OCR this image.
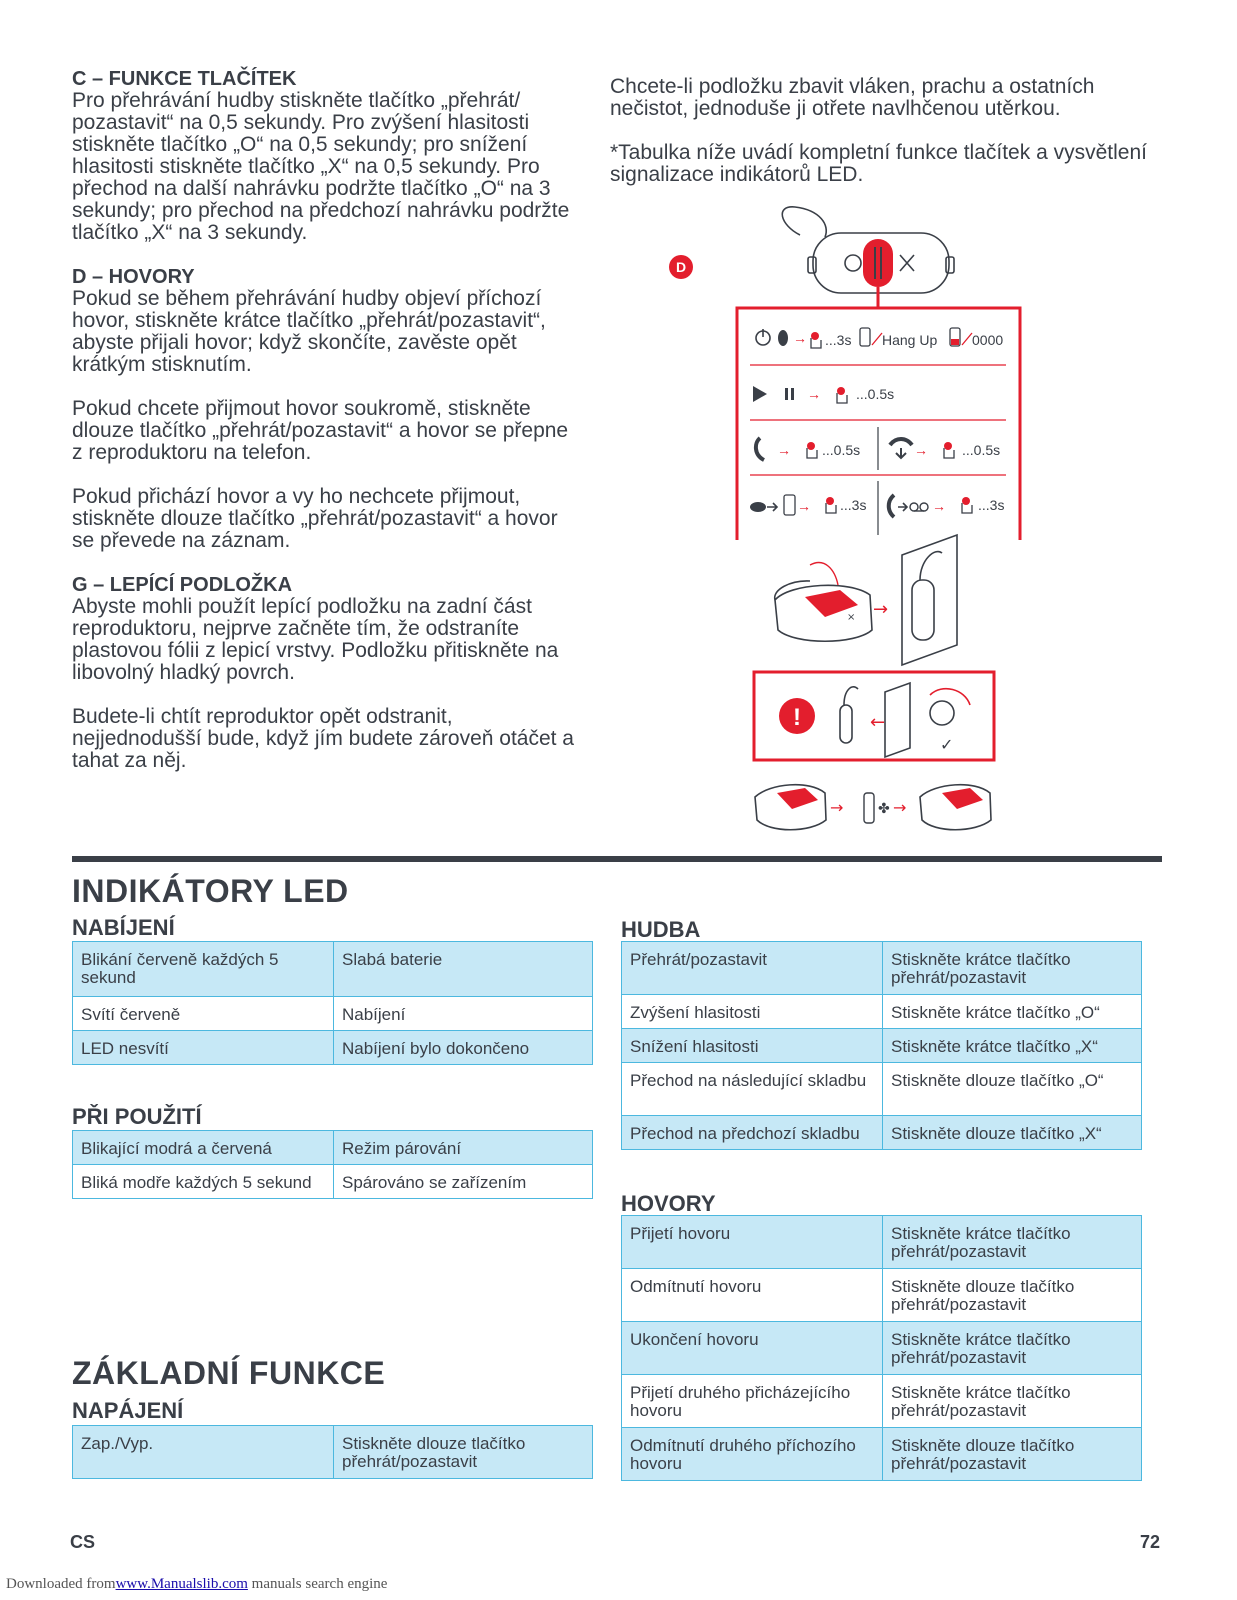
C – FUNKCE TLAČÍTEK
Pro přehrávání hudby stiskněte tlačítko „přehrát/ pozastavit“ na 0,5 sekundy. Pro zvýšení hlasitosti stiskněte tlačítko „O“ na 0,5 sekundy; pro snížení hlasitosti stiskněte tlačítko „X“ na 0,5 sekundy. Pro přechod na další nahrávku podržte tlačítko „O“ na 3 sekundy; pro přechod na předchozí nahrávku podržte tlačítko „X“ na 3 sekundy.
D – HOVORY
Pokud se během přehrávání hudby objeví příchozí hovor, stiskněte krátce tlačítko „přehrát/pozastavit“, abyste přijali hovor; když skončíte, zavěste opět krátkým stisknutím.
Pokud chcete přijmout hovor soukromě, stiskněte dlouze tlačítko „přehrát/pozastavit“ a hovor se přepne z reproduktoru na telefon.
Pokud přichází hovor a vy ho nechcete přijmout, stiskněte dlouze tlačítko „přehrát/pozastavit“ a hovor se převede na záznam.
G – LEPÍCÍ PODLOŽKA
Abyste mohli použít lepící podložku na zadní část reproduktoru, nejprve začněte tím, že odstraníte plastovou fólii z lepicí vrstvy. Podložku přitiskněte na libovolný hladký povrch.
Budete-li chtít reproduktor opět odstranit, nejjednodušší bude, když jím budete zároveň otáčet a tahat za něj.
Chcete-li podložku zbavit vláken, prachu a ostatních nečistot, jednoduše ji otřete navlhčenou utěrkou.
*Tabulka níže uvádí kompletní funkce tlačítek a vysvětlení signalizace indikátorů LED.
D
→ ...3s Hang Up 0000
→	...0.5s
→ ...0.5s	→ ...0.5s
→ ...3s	→ ...3s
× →
!	←
✓
→ ✤ →
INDIKÁTORY LED
NABÍJENÍ
Blikání červeně každých 5 sekund	Slabá baterie
Svítí červeně	Nabíjení
LED nesvítí	Nabíjení bylo dokončeno
PŘI POUŽITÍ
Blikající modrá a červená	Režim párování
Bliká modře každých 5 sekund	Spárováno se zařízením
ZÁKLADNÍ FUNKCE
NAPÁJENÍ
Zap./Vyp.	Stiskněte dlouze tlačítko přehrát/pozastavit
HUDBA
Přehrát/pozastavit	Stiskněte krátce tlačítko přehrát/pozastavit
Zvýšení hlasitosti	Stiskněte krátce tlačítko „O“
Snížení hlasitosti	Stiskněte krátce tlačítko „X“
Přechod na následující skladbu	Stiskněte dlouze tlačítko „O“
Přechod na předchozí skladbu	Stiskněte dlouze tlačítko „X“
HOVORY
Přijetí hovoru	Stiskněte krátce tlačítko přehrát/pozastavit
Odmítnutí hovoru	Stiskněte dlouze tlačítko přehrát/pozastavit
Ukončení hovoru	Stiskněte krátce tlačítko přehrát/pozastavit
Přijetí druhého přicházejícího hovoru	Stiskněte krátce tlačítko přehrát/pozastavit
Odmítnutí druhého příchozího hovoru	Stiskněte dlouze tlačítko přehrát/pozastavit
CS	72
Downloaded fromwww.Manualslib.com manuals search engine
